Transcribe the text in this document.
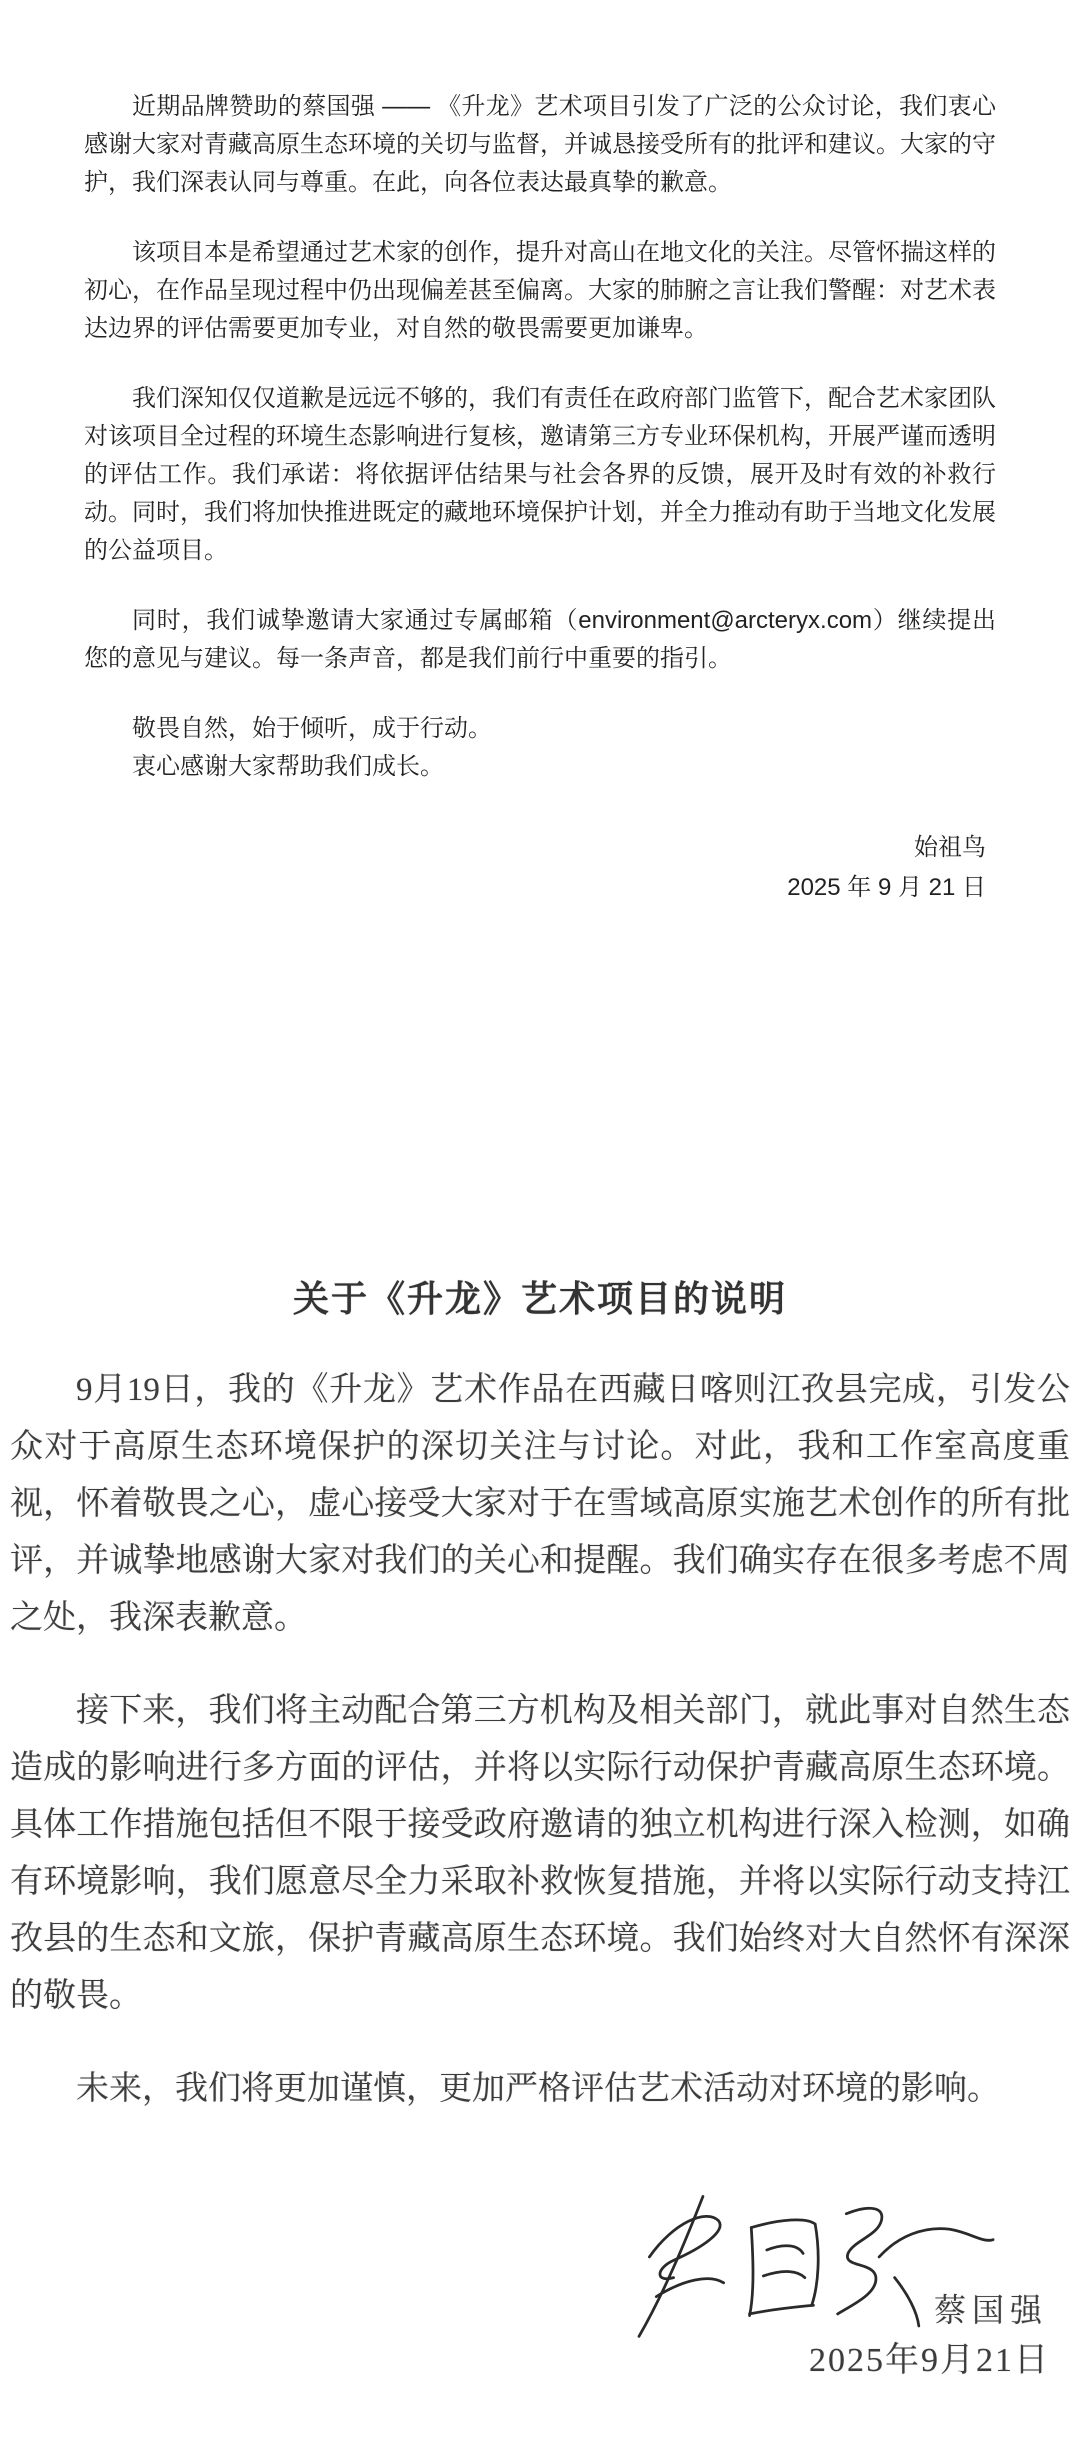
近期品牌赞助的蔡国强 —— 《升龙》艺术项目引发了广泛的公众讨论，我们衷心感谢大家对青藏高原生态环境的关切与监督，并诚恳接受所有的批评和建议。大家的守护，我们深表认同与尊重。在此，向各位表达最真挚的歉意。

该项目本是希望通过艺术家的创作，提升对高山在地文化的关注。尽管怀揣这样的初心，在作品呈现过程中仍出现偏差甚至偏离。大家的肺腑之言让我们警醒：对艺术表达边界的评估需要更加专业，对自然的敬畏需要更加谦卑。

我们深知仅仅道歉是远远不够的，我们有责任在政府部门监管下，配合艺术家团队对该项目全过程的环境生态影响进行复核，邀请第三方专业环保机构，开展严谨而透明的评估工作。我们承诺：将依据评估结果与社会各界的反馈，展开及时有效的补救行动。同时，我们将加快推进既定的藏地环境保护计划，并全力推动有助于当地文化发展的公益项目。

同时，我们诚挚邀请大家通过专属邮箱（environment@arcteryx.com）继续提出您的意见与建议。每一条声音，都是我们前行中重要的指引。

敬畏自然，始于倾听，成于行动。
衷心感谢大家帮助我们成长。
始祖鸟
2025 年 9 月 21 日
关于《升龙》艺术项目的说明

9月19日，我的《升龙》艺术作品在西藏日喀则江孜县完成，引发公众对于高原生态环境保护的深切关注与讨论。对此，我和工作室高度重视，怀着敬畏之心，虚心接受大家对于在雪域高原实施艺术创作的所有批评，并诚挚地感谢大家对我们的关心和提醒。我们确实存在很多考虑不周之处，我深表歉意。

接下来，我们将主动配合第三方机构及相关部门，就此事对自然生态造成的影响进行多方面的评估，并将以实际行动保护青藏高原生态环境。具体工作措施包括但不限于接受政府邀请的独立机构进行深入检测，如确有环境影响，我们愿意尽全力采取补救恢复措施，并将以实际行动支持江孜县的生态和文旅，保护青藏高原生态环境。我们始终对大自然怀有深深的敬畏。

未来，我们将更加谨慎，更加严格评估艺术活动对环境的影响。

蔡国强
2025年9月21日
